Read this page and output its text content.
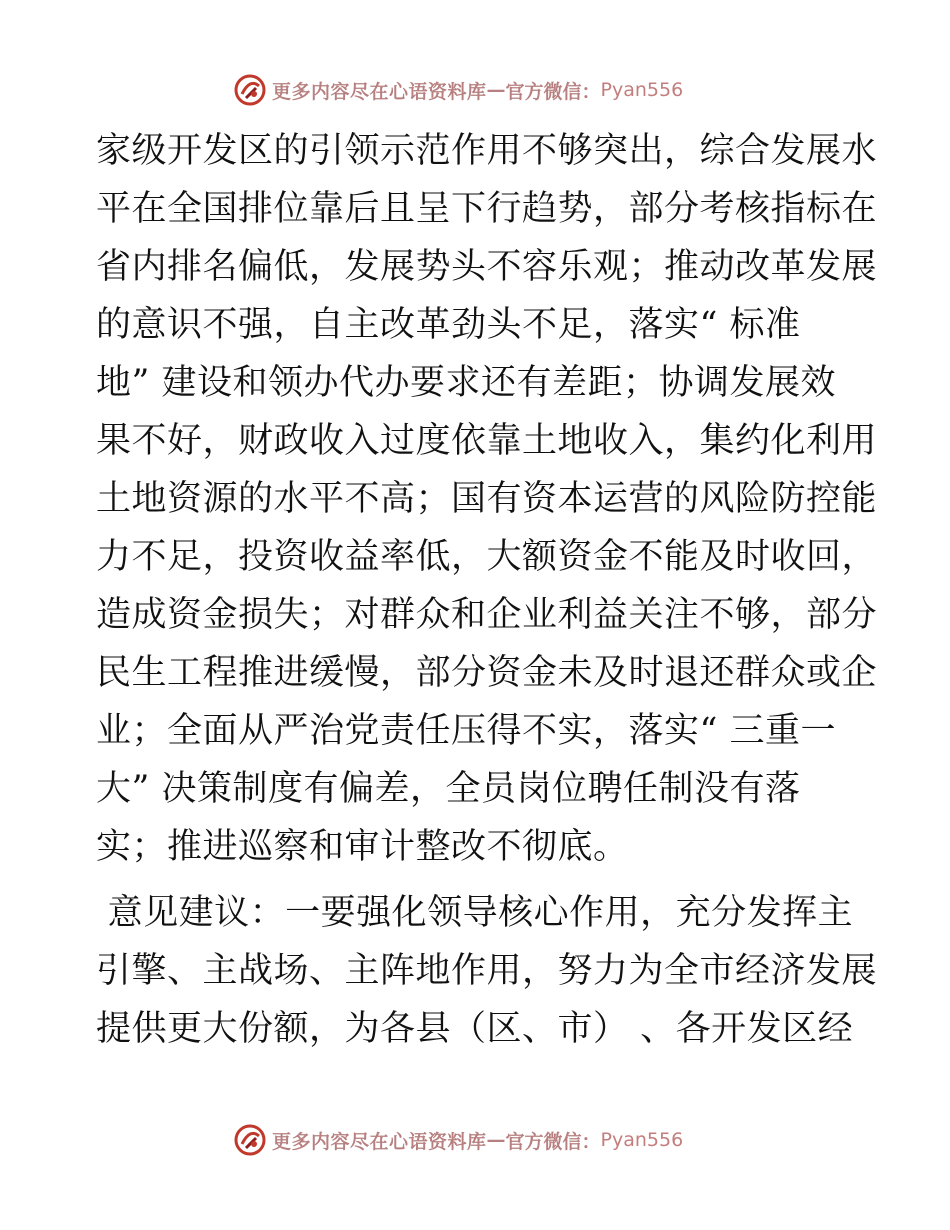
更多内容尽在心语资料库 — 官方微信： Pyan556
家级开发区的引领示范作用不够突出，综合发展水
平在全国排位靠后且呈下行趋势，部分考核指标在
省内排名偏低，发展势头不容乐观；推动改革发展
的意识不强，自主改革劲头不足，落实“ 标准
地” 建设和领办代办要求还有差距；协调发展效
果不好，财政收入过度依靠土地收入，集约化利用
土地资源的水平不高；国有资本运营的风险防控能
力不足，投资收益率低，大额资金不能及时收回，
造成资金损失；对群众和企业利益关注不够，部分
民生工程推进缓慢，部分资金未及时退还群众或企
业；全面从严治党责任压得不实，落实“ 三重一
大” 决策制度有偏差，全员岗位聘任制没有落
实；推进巡察和审计整改不彻底。
意见建议：一要强化领导核心作用，充分发挥主
引擎、主战场、主阵地作用，努力为全市经济发展
提供更大份额，为各县（区、市） 、各开发区经
更多内容尽在心语资料库 — 官方微信： Pyan556
